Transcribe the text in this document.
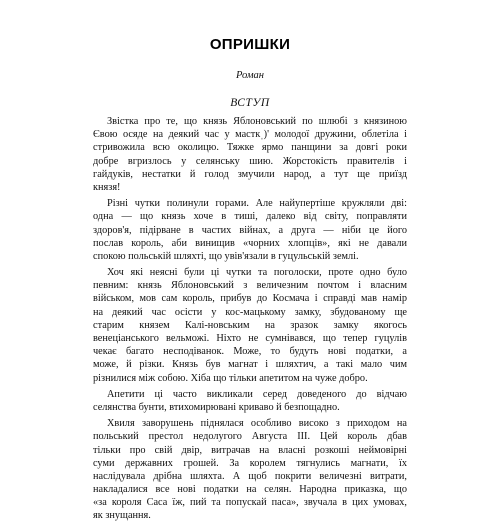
ОПРИШКИ
Роман
ВСТУП
Звістка про те, що князь Яблоновський по шлюбі з князиною
Євою осяде на деякий час у масткˌ)' молодої дружини, облетіла і
стривожила всю околицю. Тяжке ярмо панщини за довгі роки
добре вгризлось у селянську шию. Жорстокість правителів і
гайдуків, нестатки й голод змучили народ, а тут ще приїзд
князя!
Різні чутки полинули горами. Але найупертіше кружляли дві:
одна — що князь хоче в тиші, далеко від світу, поправляти
здоров'я, підірване в частих війнах, а друга — ніби це його
послав король, аби винищив «чорних хлопців», які не давали
спокою польській шляхті, що увів'язали в гуцульській землі.
Хоч які неясні були ці чутки та поголоски, проте одно було
певним: князь Яблоновський з величезним почтом і власним
військом, мов сам король, прибув до Космача і справді мав намір
на деякий час осісти у кос-мацькому замку, збудованому ще
старим князем Калі-новським на зразок замку якогось
венеціанського вельможі. Ніхто не сумнівався, що тепер гуцулів
чекає багато несподіванок. Може, то будуть нові податки, а
може, й різки. Князь був магнат і шляхтич, а такі мало чим
різнилися між собою. Хіба що тільки апетитом на чуже добро.
Апетити ці часто викликали серед доведеного до відчаю
селянства бунти, втихомирювані криваво й безпощадно.
Хвиля заворушень піднялася особливо високо з приходом на
польський престол недолугого Августа ІІІ. Цей король дбав
тільки про свій двір, витрачав на власні розкоші неймовірні
суми державних грошей. За королем тягнулись магнати, їх
наслідувала дрібна шляхта. А щоб покрити величезні витрати,
накладалися все нові податки на селян. Народна приказка, що
«за короля Саса їж, пий та попускай паса», звучала в цих умовах,
як знущання.
